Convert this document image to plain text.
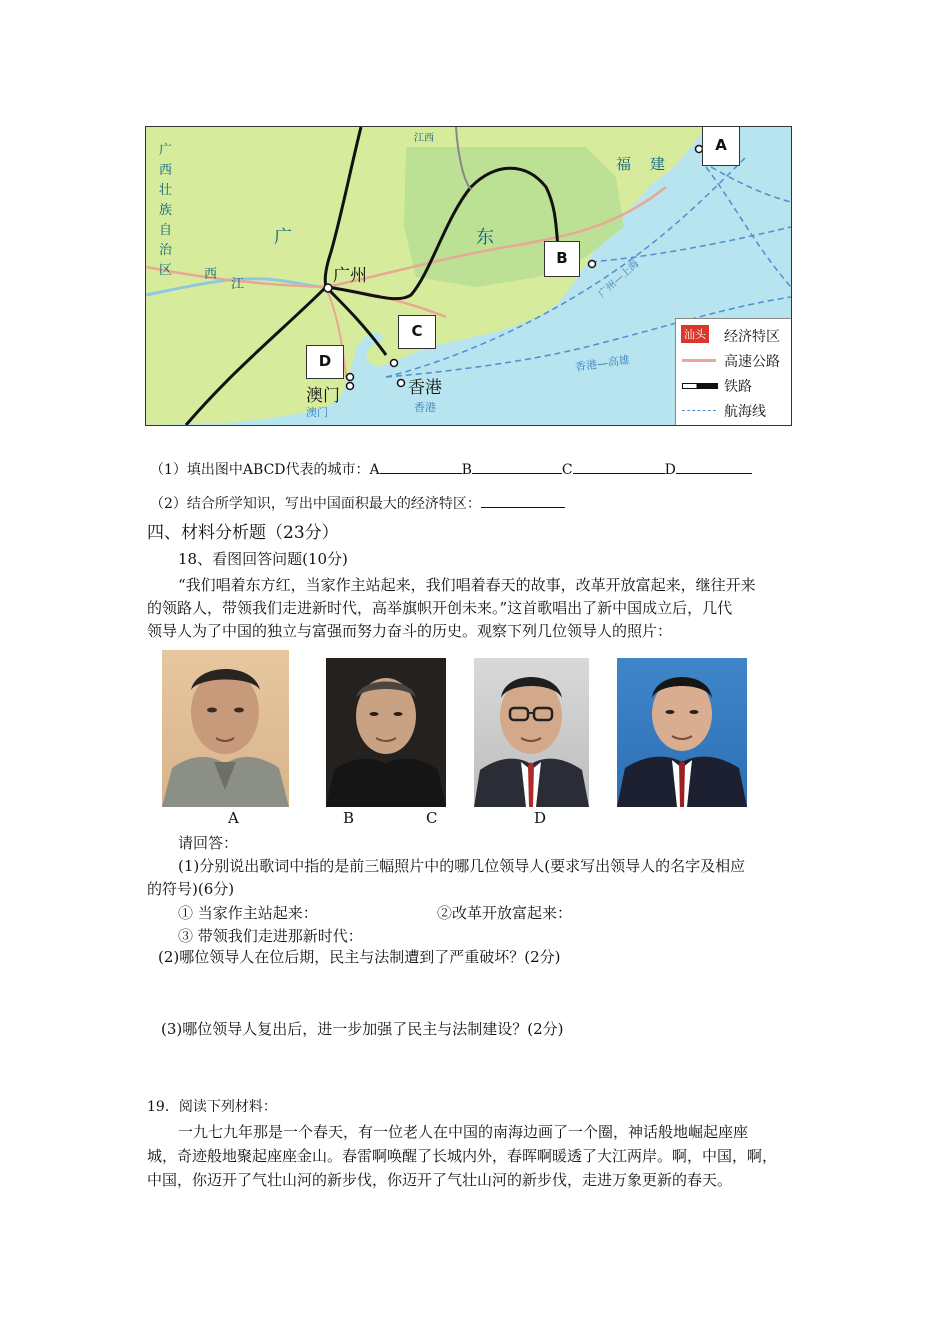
广
西
壮
族
自
治
区
广	东
福 建
江西
西
江	广州
澳门	香港
澳门	香港
广州—上海
香港—高雄
A
B
C
D
汕头 经济特区
高速公路
铁路
航海线
（1）填出图中ABCD代表的城市：A	B	C	D
（2）结合所学知识，写出中国面积最大的经济特区：
四、材料分析题（23分）
18、看图回答问题(10分)
“我们唱着东方红，当家作主站起来，我们唱着春天的故事，改革开放富起来，继往开来
的领路人，带领我们走进新时代，高举旗帜开创未来。”这首歌唱出了新中国成立后，几代
领导人为了中国的独立与富强而努力奋斗的历史。观察下列几位领导人的照片：
A	B	C	D
请回答：
(1)分别说出歌词中指的是前三幅照片中的哪几位领导人(要求写出领导人的名字及相应
的符号)(6分)
① 当家作主站起来：	②改革开放富起来：
③ 带领我们走进那新时代：
(2)哪位领导人在位后期，民主与法制遭到了严重破坏？(2分)
(3)哪位领导人复出后，进一步加强了民主与法制建设？(2分)
19．阅读下列材料：
一九七九年那是一个春天，有一位老人在中国的南海边画了一个圈，神话般地崛起座座
城，奇迹般地聚起座座金山。春雷啊唤醒了长城内外，春晖啊暖透了大江两岸。啊，中国，啊，
中国，你迈开了气壮山河的新步伐，你迈开了气壮山河的新步伐，走进万象更新的春天。
